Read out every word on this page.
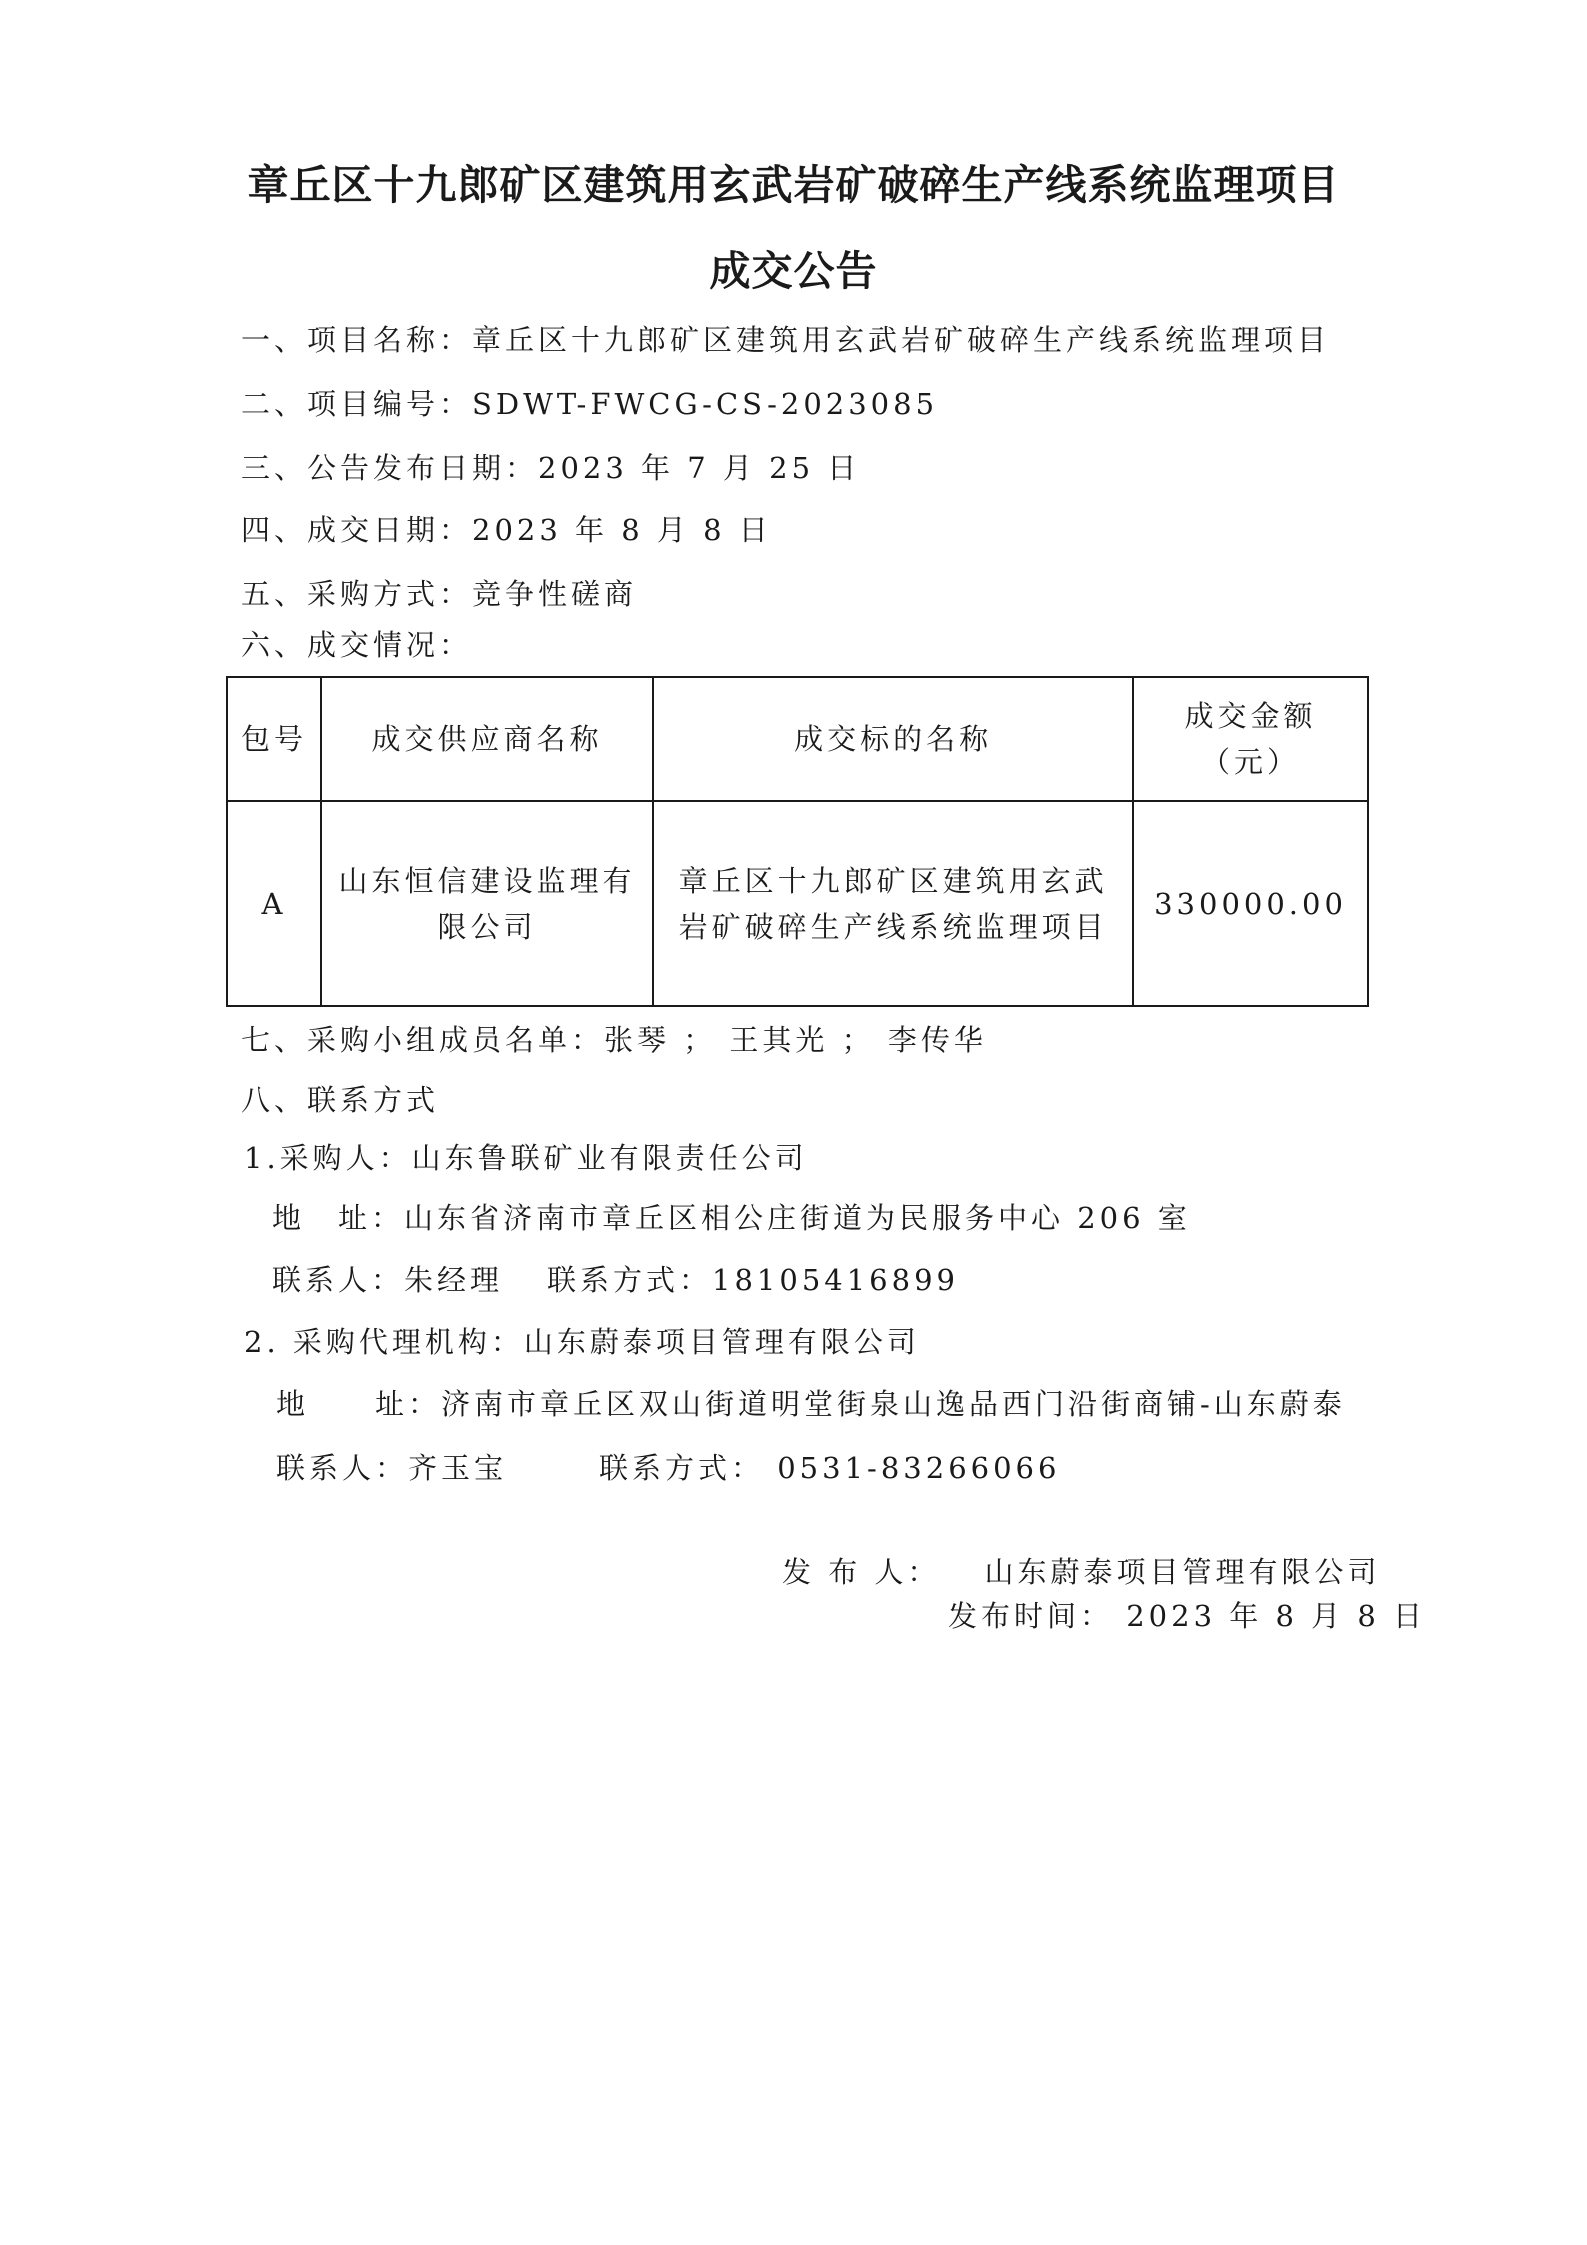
章丘区十九郎矿区建筑用玄武岩矿破碎生产线系统监理项目
成交公告
一、项目名称：章丘区十九郎矿区建筑用玄武岩矿破碎生产线系统监理项目
二、项目编号：SDWT-FWCG-CS-2023085
三、公告发布日期：2023 年 7 月 25 日
四、成交日期：2023 年 8 月 8 日
五、采购方式：竞争性磋商
六、成交情况：
包号	成交供应商名称	成交标的名称	成交金额（元）
A	山东恒信建设监理有限公司	章丘区十九郎矿区建筑用玄武岩矿破碎生产线系统监理项目	330000.00
七、采购小组成员名单：张琴 ； 王其光 ； 李传华
八、联系方式
1.采购人：山东鲁联矿业有限责任公司
地　址：山东省济南市章丘区相公庄街道为民服务中心 206 室
联系人：朱经理 联系方式：18105416899
2. 采购代理机构：山东蔚泰项目管理有限公司
地　　址：济南市章丘区双山街道明堂街泉山逸品西门沿街商铺-山东蔚泰
联系人：齐玉宝	联系方式： 0531-83266066
发 布 人： 山东蔚泰项目管理有限公司
发布时间： 2023 年 8 月 8 日
